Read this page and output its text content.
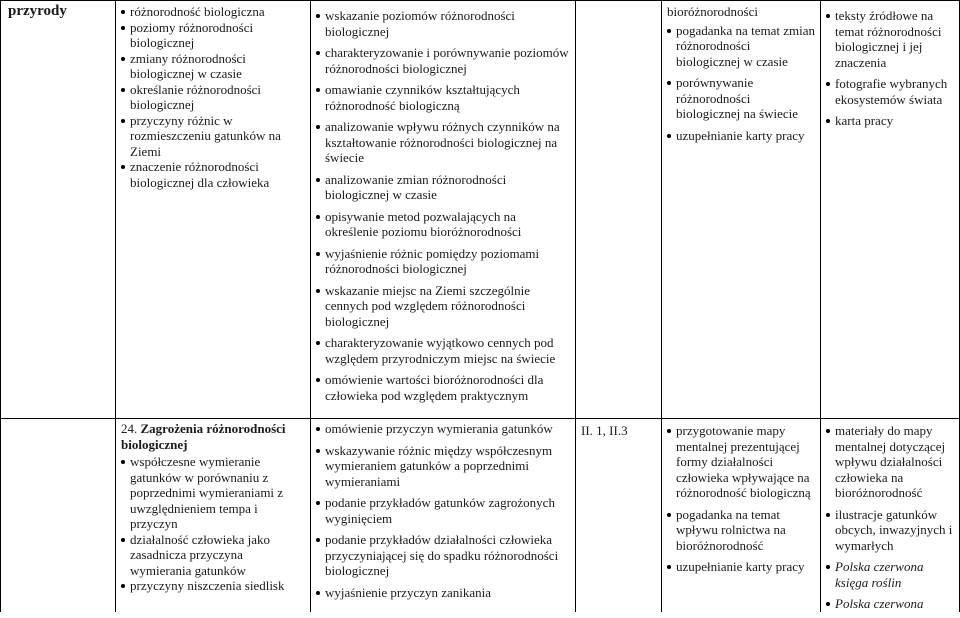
przyrody	różnorodność biologiczna
poziomy różnorodności biologicznej
zmiany różnorodności biologicznej w czasie
określanie różnorodności biologicznej
przyczyny różnic w rozmieszczeniu gatunków na Ziemi
znaczenie różnorodności biologicznej dla człowieka
24. Zagrożenia różnorodności biologicznej
współczesne wymieranie gatunków w porównaniu z poprzednimi wymieraniami z uwzględnieniem tempa i przyczyn
działalność człowieka jako zasadnicza przyczyna wymierania gatunków
przyczyny niszczenia siedlisk
wskazanie poziomów różnorodności biologicznej
charakteryzowanie i porównywanie poziomów różnorodności biologicznej
omawianie czynników kształtujących różnorodność biologiczną
analizowanie wpływu różnych czynników na kształtowanie różnorodności biologicznej na świecie
analizowanie zmian różnorodności biologicznej w czasie
opisywanie metod pozwalających na określenie poziomu bioróżnorodności
wyjaśnienie różnic pomiędzy poziomami różnorodności biologicznej
wskazanie miejsc na Ziemi szczególnie cennych pod względem różnorodności biologicznej
charakteryzowanie wyjątkowo cennych pod względem przyrodniczym miejsc na świecie
omówienie wartości bioróżnorodności dla człowieka pod względem praktycznym
omówienie przyczyn wymierania gatunków
wskazywanie różnic między współczesnym wymieraniem gatunków a poprzednimi wymieraniami
podanie przykładów gatunków zagrożonych wyginięciem
podanie przykładów działalności człowieka przyczyniającej się do spadku różnorodności biologicznej
wyjaśnienie przyczyn zanikania
II. 1, II.3
bioróżnorodności
pogadanka na temat zmian różnorodności biologicznej w czasie
porównywanie różnorodności biologicznej na świecie
uzupełnianie karty pracy
przygotowanie mapy mentalnej prezentującej formy działalności człowieka wpływające na różnorodność biologiczną
pogadanka na temat wpływu rolnictwa na bioróżnorodność
uzupełnianie karty pracy
teksty źródłowe na temat różnorodności biologicznej i jej znaczenia
fotografie wybranych ekosystemów świata
karta pracy
materiały do mapy mentalnej dotyczącej wpływu działalności człowieka na bioróżnorodność
ilustracje gatunków obcych, inwazyjnych i wymarłych
Polska czerwona księga roślin
Polska czerwona
